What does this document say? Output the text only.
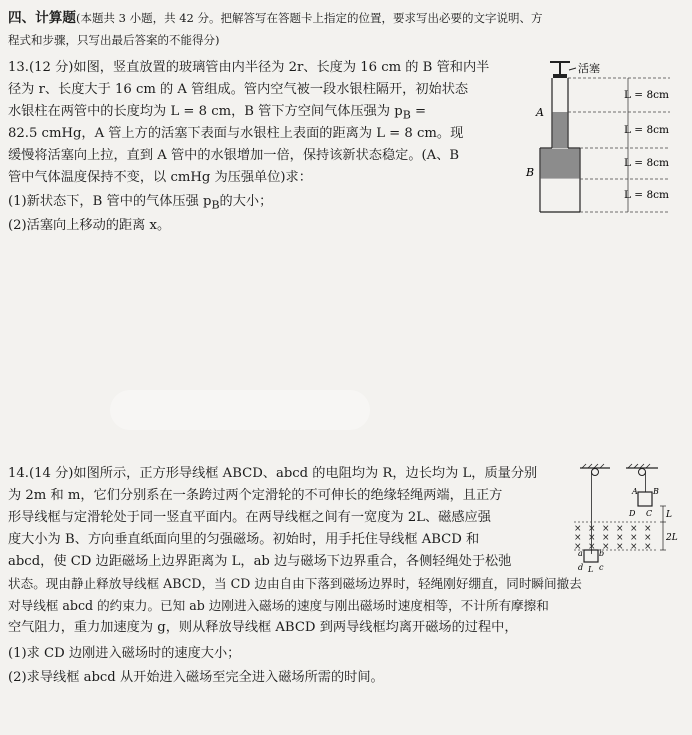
四、计算题(本题共 3 小题，共 42 分。把解答写在答题卡上指定的位置，要求写出必要的文字说明、方
程式和步骤，只写出最后答案的不能得分)
13.(12 分)如图，竖直放置的玻璃管由内半径为 2r、长度为 16 cm 的 B 管和内半
径为 r、长度大于 16 cm 的 A 管组成。管内空气被一段水银柱隔开，初始状态
水银柱在两管中的长度均为 L = 8 cm，B 管下方空间气体压强为 $p_B$ =
82.5 cmHg，A 管上方的活塞下表面与水银柱上表面的距离为 L = 8 cm。现
缓慢将活塞向上拉，直到 A 管中的水银增加一倍，保持该新状态稳定。(A、B
管中气体温度保持不变，以 cmHg 为压强单位)求：
(1)新状态下，B 管中的气体压强 $p_B$的大小；
(2)活塞向上移动的距离 x。
活塞
A
B
L = 8cm
L = 8cm
L = 8cm
L = 8cm
14.(14 分)如图所示，正方形导线框 ABCD、abcd 的电阻均为 R，边长均为 L，质量分别
为 2m 和 m，它们分别系在一条跨过两个定滑轮的不可伸长的绝缘轻绳两端，且正方
形导线框与定滑轮处于同一竖直平面内。在两导线框之间有一宽度为 2L、磁感应强
度大小为 B、方向垂直纸面向里的匀强磁场。初始时，用手托住导线框 ABCD 和
abcd，使 CD 边距磁场上边界距离为 L，ab 边与磁场下边界重合，各侧轻绳处于松弛
状态。现由静止释放导线框 ABCD，当 CD 边由自由下落到磁场边界时，轻绳刚好绷直，同时瞬间撤去
对导线框 abcd 的约束力。已知 ab 边刚进入磁场的速度与刚出磁场时速度相等，不计所有摩擦和
空气阻力，重力加速度为 g，则从释放导线框 ABCD 到两导线框均离开磁场的过程中，
(1)求 CD 边刚进入磁场时的速度大小；
(2)求导线框 abcd 从开始进入磁场至完全进入磁场所需的时间。
A B
D C
× × × × × ×
× × × × × ×
× × × × × ×
L
2L
a b
d L c
